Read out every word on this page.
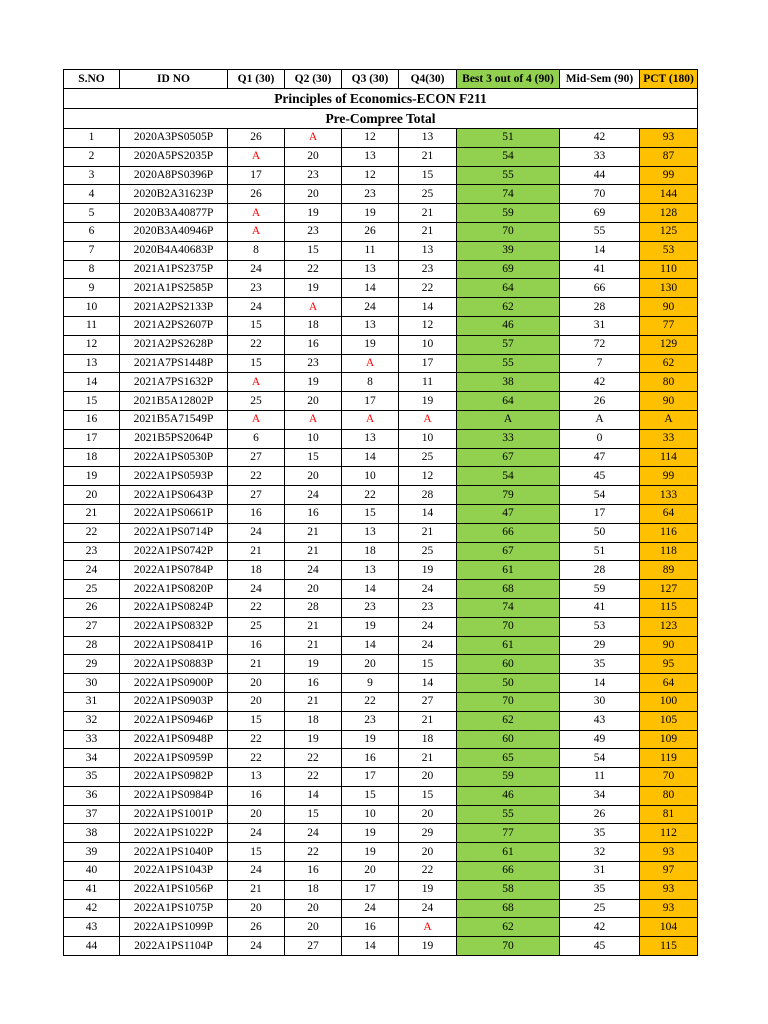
Principles of Economics-ECON F211								
Pre-Compree Total								
S.NO	ID NO	Q1 (30)	Q2 (30)	Q3 (30)	Q4(30)	Best 3 out of 4 (90)	Mid-Sem (90)	PCT (180)
1	2020A3PS0505P	26	A	12	13	51	42	93
2	2020A5PS2035P	A	20	13	21	54	33	87
3	2020A8PS0396P	17	23	12	15	55	44	99
4	2020B2A31623P	26	20	23	25	74	70	144
5	2020B3A40877P	A	19	19	21	59	69	128
6	2020B3A40946P	A	23	26	21	70	55	125
7	2020B4A40683P	8	15	11	13	39	14	53
8	2021A1PS2375P	24	22	13	23	69	41	110
9	2021A1PS2585P	23	19	14	22	64	66	130
10	2021A2PS2133P	24	A	24	14	62	28	90
11	2021A2PS2607P	15	18	13	12	46	31	77
12	2021A2PS2628P	22	16	19	10	57	72	129
13	2021A7PS1448P	15	23	A	17	55	7	62
14	2021A7PS1632P	A	19	8	11	38	42	80
15	2021B5A12802P	25	20	17	19	64	26	90
16	2021B5A71549P	A	A	A	A	A	A	A
17	2021B5PS2064P	6	10	13	10	33	0	33
18	2022A1PS0530P	27	15	14	25	67	47	114
19	2022A1PS0593P	22	20	10	12	54	45	99
20	2022A1PS0643P	27	24	22	28	79	54	133
21	2022A1PS0661P	16	16	15	14	47	17	64
22	2022A1PS0714P	24	21	13	21	66	50	116
23	2022A1PS0742P	21	21	18	25	67	51	118
24	2022A1PS0784P	18	24	13	19	61	28	89
25	2022A1PS0820P	24	20	14	24	68	59	127
26	2022A1PS0824P	22	28	23	23	74	41	115
27	2022A1PS0832P	25	21	19	24	70	53	123
28	2022A1PS0841P	16	21	14	24	61	29	90
29	2022A1PS0883P	21	19	20	15	60	35	95
30	2022A1PS0900P	20	16	9	14	50	14	64
31	2022A1PS0903P	20	21	22	27	70	30	100
32	2022A1PS0946P	15	18	23	21	62	43	105
33	2022A1PS0948P	22	19	19	18	60	49	109
34	2022A1PS0959P	22	22	16	21	65	54	119
35	2022A1PS0982P	13	22	17	20	59	11	70
36	2022A1PS0984P	16	14	15	15	46	34	80
37	2022A1PS1001P	20	15	10	20	55	26	81
38	2022A1PS1022P	24	24	19	29	77	35	112
39	2022A1PS1040P	15	22	19	20	61	32	93
40	2022A1PS1043P	24	16	20	22	66	31	97
41	2022A1PS1056P	21	18	17	19	58	35	93
42	2022A1PS1075P	20	20	24	24	68	25	93
43	2022A1PS1099P	26	20	16	A	62	42	104
44	2022A1PS1104P	24	27	14	19	70	45	115
